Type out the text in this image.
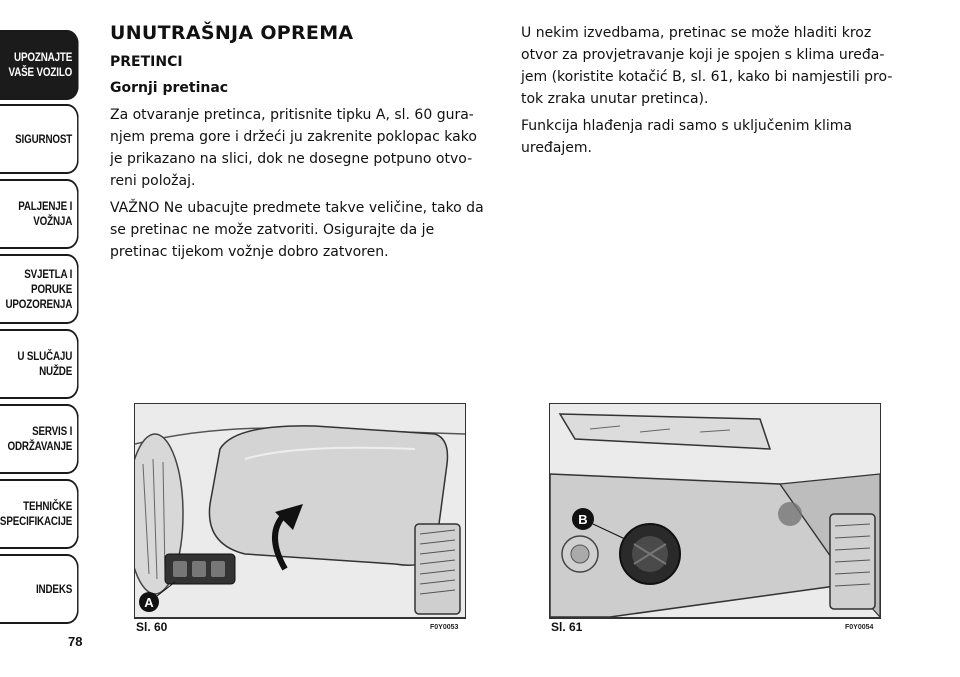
UPOZNAJTE
VAŠE VOZILO
SIGURNOST
PALJENJE I
VOŽNJA
SVJETLA I PORUKE
UPOZORENJA
U SLUČAJU
NUŽDE
SERVIS I
ODRŽAVANJE
TEHNIČKE
SPECIFIKACIJE
INDEKS
78
UNUTRAŠNJA OPREMA
PRETINCI
Gornji pretinac

Za otvaranje pretinca, pritisnite tipku A, sl. 60 gura-njem prema gore i držeći ju zakrenite poklopac kako je prikazano na slici, dok ne dosegne potpuno otvo-reni položaj.

VAŽNO Ne ubacujte predmete takve veličine, tako da se pretinac ne može zatvoriti. Osigurajte da je pretinac tijekom vožnje dobro zatvoren.

U nekim izvedbama, pretinac se može hladiti kroz otvor za provjetravanje koji je spojen s klima uređa-jem (koristite kotačić B, sl. 61, kako bi namjestili pro-tok zraka unutar pretinca).

Funkcija hlađenja radi samo s uključenim klima uređajem.

A
Sl. 60	F0Y0053
B
Sl. 61	F0Y0054
